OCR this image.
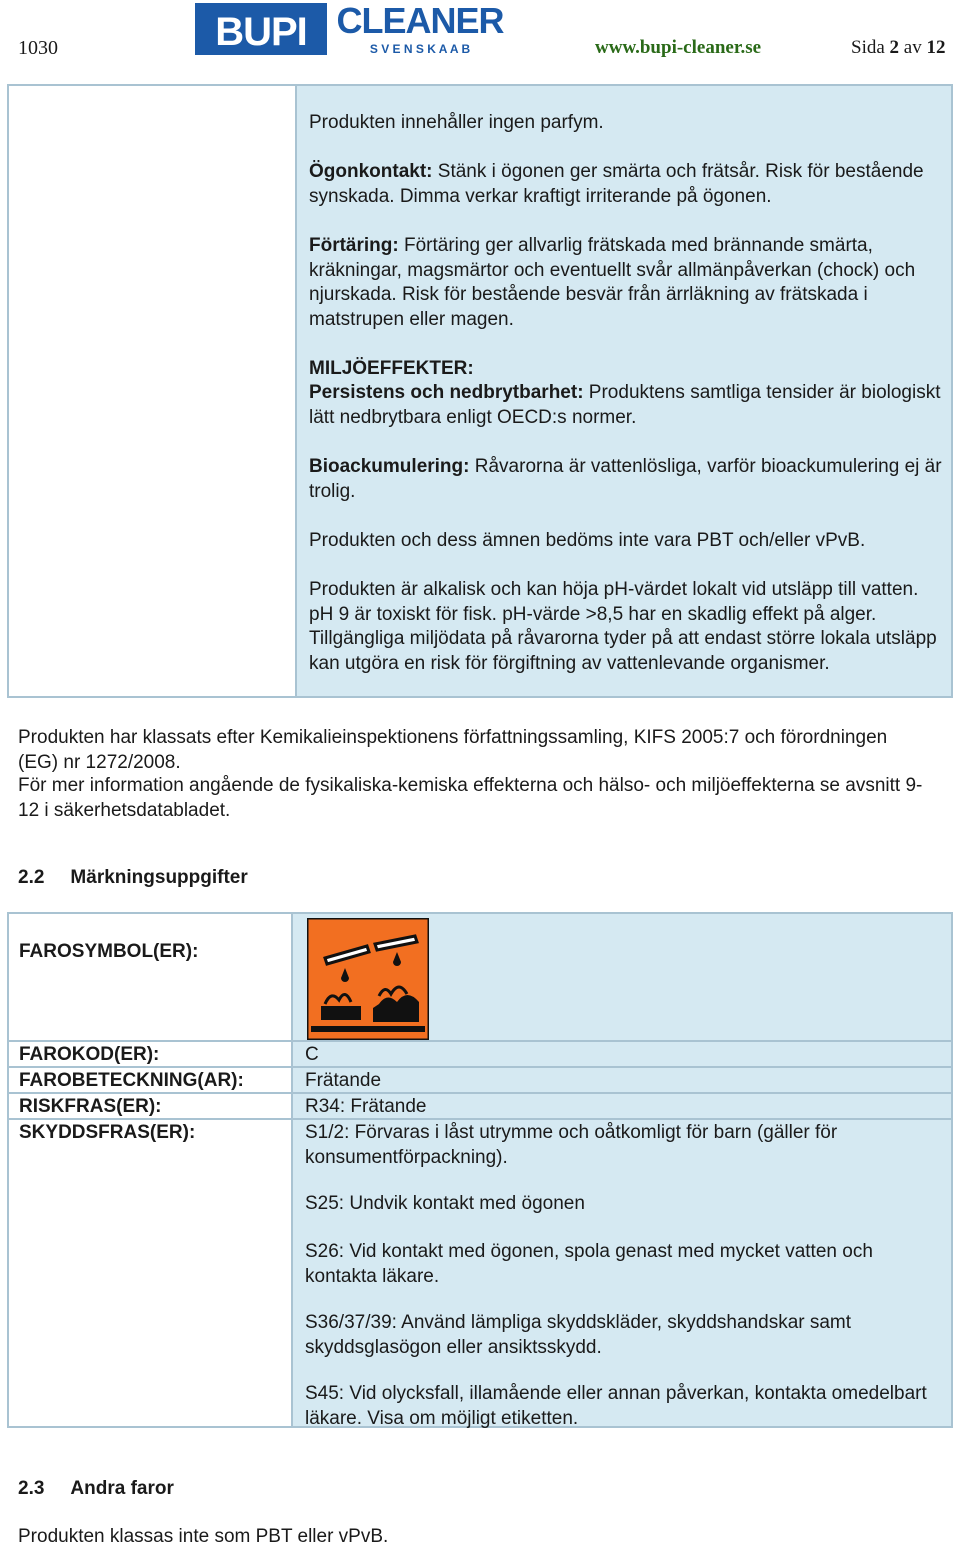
1030	BUPI CLEANER
S V E N S K A A B	www.bupi-cleaner.se	Sida 2 av 12

Produkten innehåller ingen parfym.

Ögonkontakt: Stänk i ögonen ger smärta och frätsår. Risk för bestående synskada. Dimma verkar kraftigt irriterande på ögonen.

Förtäring: Förtäring ger allvarlig frätskada med brännande smärta, kräkningar, magsmärtor och eventuellt svår allmänpåverkan (chock) och njurskada. Risk för bestående besvär från ärrläkning av frätskada i matstrupen eller magen.

MILJÖEFFEKTER:

Persistens och nedbrytbarhet: Produktens samtliga tensider är biologiskt lätt nedbrytbara enligt OECD:s normer.

Bioackumulering: Råvarorna är vattenlösliga, varför bioackumulering ej är trolig.

Produkten och dess ämnen bedöms inte vara PBT och/eller vPvB.

Produkten är alkalisk och kan höja pH-värdet lokalt vid utsläpp till vatten. pH 9 är toxiskt för fisk. pH-värde >8,5 har en skadlig effekt på alger. Tillgängliga miljödata på råvarorna tyder på att endast större lokala utsläpp kan utgöra en risk för förgiftning av vattenlevande organismer.

Produkten har klassats efter Kemikalieinspektionens författningssamling, KIFS 2005:7 och förordningen (EG) nr 1272/2008.

För mer information angående de fysikaliska-kemiska effekterna och hälso- och miljöeffekterna se avsnitt 9-12 i säkerhetsdatabladet.

2.2 Märkningsuppgifter
FAROSYMBOL(ER):
FAROKOD(ER):	C
FAROBETECKNING(AR):	Frätande
RISKFRAS(ER):	R34: Frätande
SKYDDSFRAS(ER):	S1/2: Förvaras i låst utrymme och oåtkomligt för barn (gäller för konsumentförpackning).
S25: Undvik kontakt med ögonen
S26: Vid kontakt med ögonen, spola genast med mycket vatten och kontakta läkare.
S36/37/39: Använd lämpliga skyddskläder, skyddshandskar samt skyddsglasögon eller ansiktsskydd.
S45: Vid olycksfall, illamående eller annan påverkan, kontakta omedelbart läkare. Visa om möjligt etiketten.
2.3 Andra faror

Produkten klassas inte som PBT eller vPvB.
